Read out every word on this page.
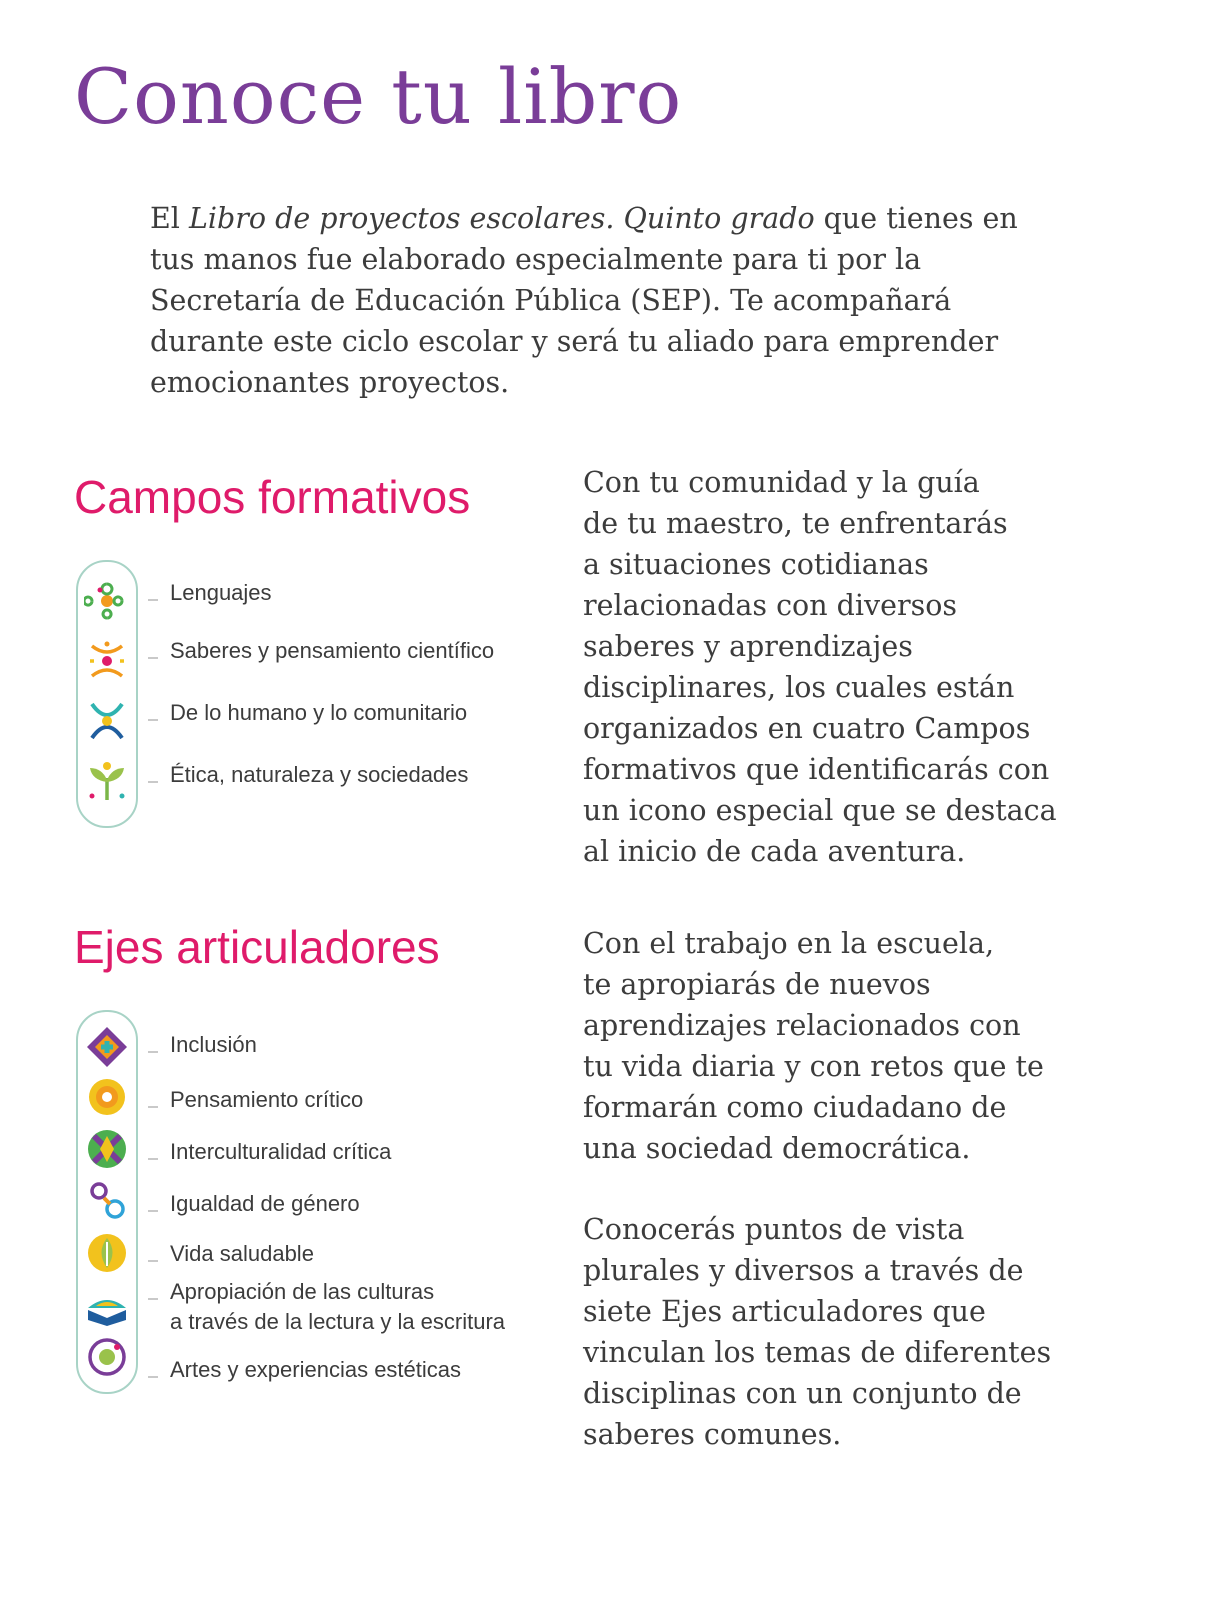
Conoce tu libro

El Libro de proyectos escolares. Quinto grado que tienes en tus manos fue elaborado especialmente para ti por la Secretaría de Educación Pública (SEP). Te acompañará durante este ciclo escolar y será tu aliado para emprender emocionantes proyectos.

Campos formativos
Lenguajes
Saberes y pensamiento científico
De lo humano y lo comunitario
Ética, naturaleza y sociedades

Con tu comunidad y la guía
de tu maestro, te enfrentarás
a situaciones cotidianas
relacionadas con diversos
saberes y aprendizajes
disciplinares, los cuales están
organizados en cuatro Campos
formativos que identificarás con
un icono especial que se destaca
al inicio de cada aventura.

Ejes articuladores
Inclusión
Pensamiento crítico
Interculturalidad crítica
Igualdad de género
Vida saludable
Apropiación de las culturas
a través de la lectura y la escritura
Artes y experiencias estéticas

Con el trabajo en la escuela,
te apropiarás de nuevos
aprendizajes relacionados con
tu vida diaria y con retos que te
formarán como ciudadano de
una sociedad democrática.

Conocerás puntos de vista
plurales y diversos a través de
siete Ejes articuladores que
vinculan los temas de diferentes
disciplinas con un conjunto de
saberes comunes.
